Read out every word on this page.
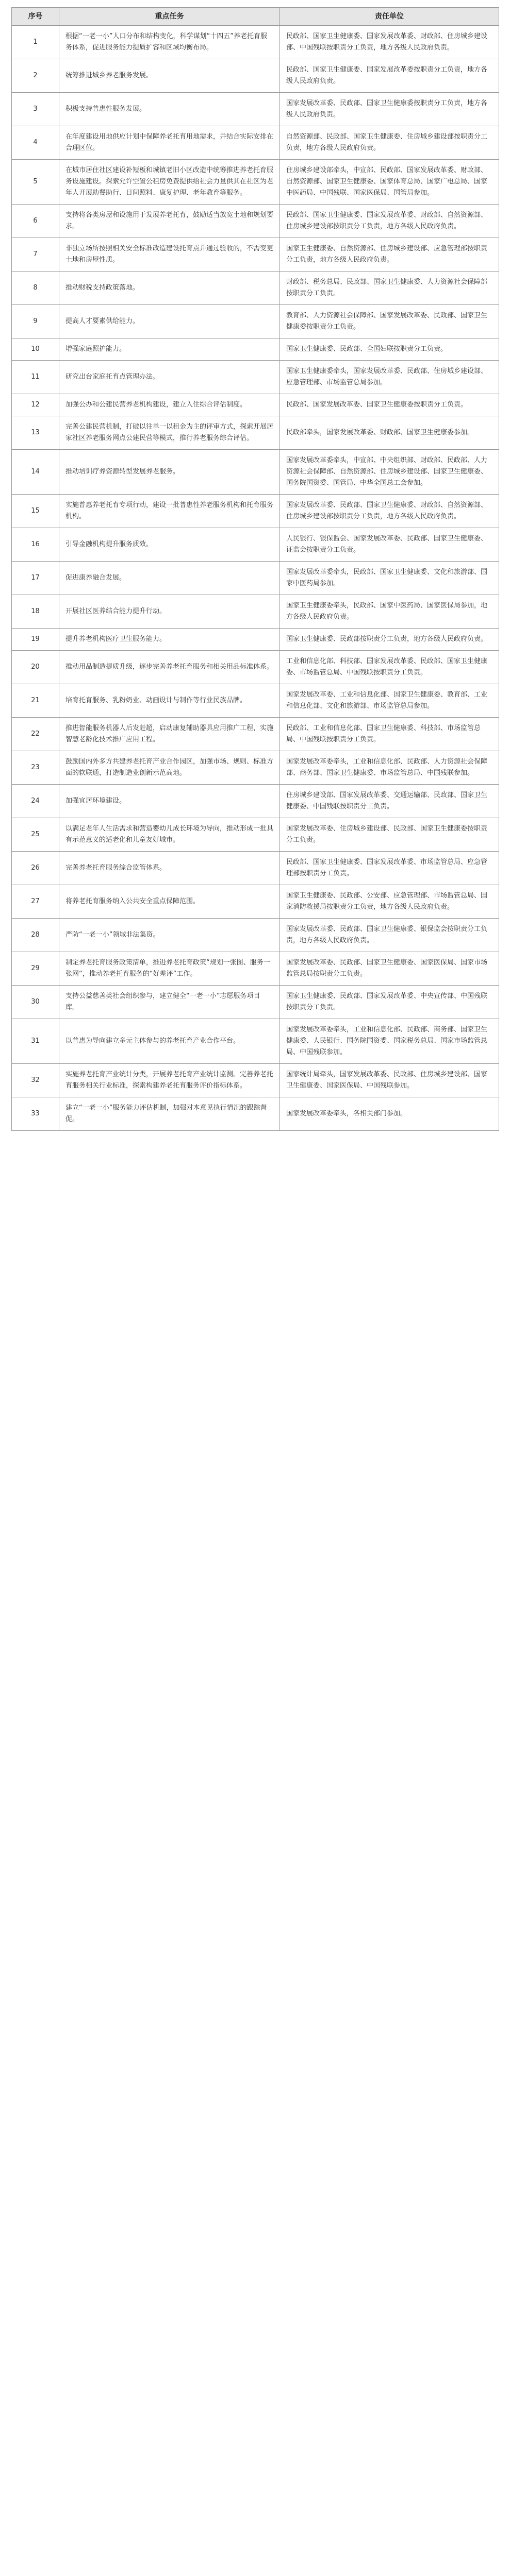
序号	重点任务	责任单位
1	根据“一老一小”人口分布和结构变化，科学谋划“十四五”养老托育服务体系，促进服务能力提质扩容和区域均衡布局。	民政部、国家卫生健康委、国家发展改革委、财政部、住房城乡建设部、中国残联按职责分工负责，地方各级人民政府负责。
2	统筹推进城乡养老服务发展。	民政部、国家卫生健康委、国家发展改革委按职责分工负责，地方各级人民政府负责。
3	积极支持普惠性服务发展。	国家发展改革委、民政部、国家卫生健康委按职责分工负责，地方各级人民政府负责。
4	在年度建设用地供应计划中保障养老托育用地需求，并结合实际安排在合理区位。	自然资源部、民政部、国家卫生健康委、住房城乡建设部按职责分工负责，地方各级人民政府负责。
5	在城市居住社区建设补短板和城镇老旧小区改造中统筹推进养老托育服务设施建设。探索允许空置公租房免费提供给社会力量供其在社区为老年人开展助餐助行、日间照料、康复护理、老年教育等服务。	住房城乡建设部牵头，中宣部、民政部、国家发展改革委、财政部、自然资源部、国家卫生健康委、国家体育总局、国家广电总局、国家中医药局、中国残联、国家医保局、国管局参加。
6	支持将各类房屋和设施用于发展养老托育，鼓励适当放宽土地和规划要求。	民政部、国家卫生健康委、国家发展改革委、财政部、自然资源部、住房城乡建设部按职责分工负责，地方各级人民政府负责。
7	非独立场所按照相关安全标准改造建设托育点并通过验收的，不需变更土地和房屋性质。	国家卫生健康委、自然资源部、住房城乡建设部、应急管理部按职责分工负责，地方各级人民政府负责。
8	推动财税支持政策落地。	财政部、税务总局、民政部、国家卫生健康委、人力资源社会保障部按职责分工负责。
9	提高人才要素供给能力。	教育部、人力资源社会保障部、国家发展改革委、民政部、国家卫生健康委按职责分工负责。
10	增强家庭照护能力。	国家卫生健康委、民政部、全国妇联按职责分工负责。
11	研究出台家庭托育点管理办法。	国家卫生健康委牵头，国家发展改革委、民政部、住房城乡建设部、应急管理部、市场监管总局参加。
12	加强公办和公建民营养老机构建设，建立入住综合评估制度。	民政部、国家发展改革委、国家卫生健康委按职责分工负责。
13	完善公建民营机制，打破以往单一以租金为主的评审方式，探索开展居家社区养老服务网点公建民营等模式，推行养老服务综合评估。	民政部牵头，国家发展改革委、财政部、国家卫生健康委参加。
14	推动培训疗养资源转型发展养老服务。	国家发展改革委牵头，中宣部、中央组织部、财政部、民政部、人力资源社会保障部、自然资源部、住房城乡建设部、国家卫生健康委、国务院国资委、国管局、中华全国总工会参加。
15	实施普惠养老托育专项行动，建设一批普惠性养老服务机构和托育服务机构。	国家发展改革委、民政部、国家卫生健康委、财政部、自然资源部、住房城乡建设部按职责分工负责，地方各级人民政府负责。
16	引导金融机构提升服务质效。	人民银行、银保监会、国家发展改革委、民政部、国家卫生健康委、证监会按职责分工负责。
17	促进康养融合发展。	国家发展改革委牵头，民政部、国家卫生健康委、文化和旅游部、国家中医药局参加。
18	开展社区医养结合能力提升行动。	国家卫生健康委牵头，民政部、国家中医药局、国家医保局参加，地方各级人民政府负责。
19	提升养老机构医疗卫生服务能力。	国家卫生健康委、民政部按职责分工负责，地方各级人民政府负责。
20	推动用品制造提质升级，逐步完善养老托育服务和相关用品标准体系。	工业和信息化部、科技部、国家发展改革委、民政部、国家卫生健康委、市场监管总局、中国残联按职责分工负责。
21	培育托育服务、乳粉奶业、动画设计与制作等行业民族品牌。	国家发展改革委、工业和信息化部、国家卫生健康委、教育部、工业和信息化部、文化和旅游部、市场监管总局参加。
22	推进智能服务机器人后发赶超，启动康复辅助器具应用推广工程，实施智慧老龄化技术推广应用工程。	民政部、工业和信息化部、国家卫生健康委、科技部、市场监管总局、中国残联按职责分工负责。
23	鼓励国内外多方共建养老托育产业合作园区，加强市场、规则、标准方面的软联通，打造制造业创新示范高地。	国家发展改革委牵头，工业和信息化部、民政部、人力资源社会保障部、商务部、国家卫生健康委、市场监管总局、中国残联参加。
24	加强宜居环境建设。	住房城乡建设部、国家发展改革委、交通运输部、民政部、国家卫生健康委、中国残联按职责分工负责。
25	以满足老年人生活需求和营造婴幼儿成长环境为导向，推动形成一批具有示范意义的适老化和儿童友好城市。	国家发展改革委、住房城乡建设部、民政部、国家卫生健康委按职责分工负责。
26	完善养老托育服务综合监管体系。	民政部、国家卫生健康委、国家发展改革委、市场监管总局、应急管理部按职责分工负责。
27	将养老托育服务纳入公共安全重点保障范围。	国家卫生健康委、民政部、公安部、应急管理部、市场监管总局、国家消防救援局按职责分工负责，地方各级人民政府负责。
28	严防“一老一小”领域非法集资。	国家发展改革委、民政部、国家卫生健康委、银保监会按职责分工负责，地方各级人民政府负责。
29	制定养老托育服务政策清单，推进养老托育政策“规划一张图、服务一张网”，推动养老托育服务的“好差评”工作。	国家发展改革委、民政部、国家卫生健康委、国家医保局、国家市场监管总局按职责分工负责。
30	支持公益慈善类社会组织参与，建立健全“一老一小”志愿服务项目库。	国家卫生健康委、民政部、国家发展改革委、中央宣传部、中国残联按职责分工负责。
31	以普惠为导向建立多元主体参与的养老托育产业合作平台。	国家发展改革委牵头，工业和信息化部、民政部、商务部、国家卫生健康委、人民银行、国务院国资委、国家税务总局、国家市场监管总局、中国残联参加。
32	实施养老托育产业统计分类，开展养老托育产业统计监测。完善养老托育服务相关行业标准，探索构建养老托育服务评价指标体系。	国家统计局牵头，国家发展改革委、民政部、住房城乡建设部、国家卫生健康委、国家医保局、中国残联参加。
33	建立“一老一小”服务能力评估机制，加强对本意见执行情况的跟踪督促。	国家发展改革委牵头，各相关部门参加。
